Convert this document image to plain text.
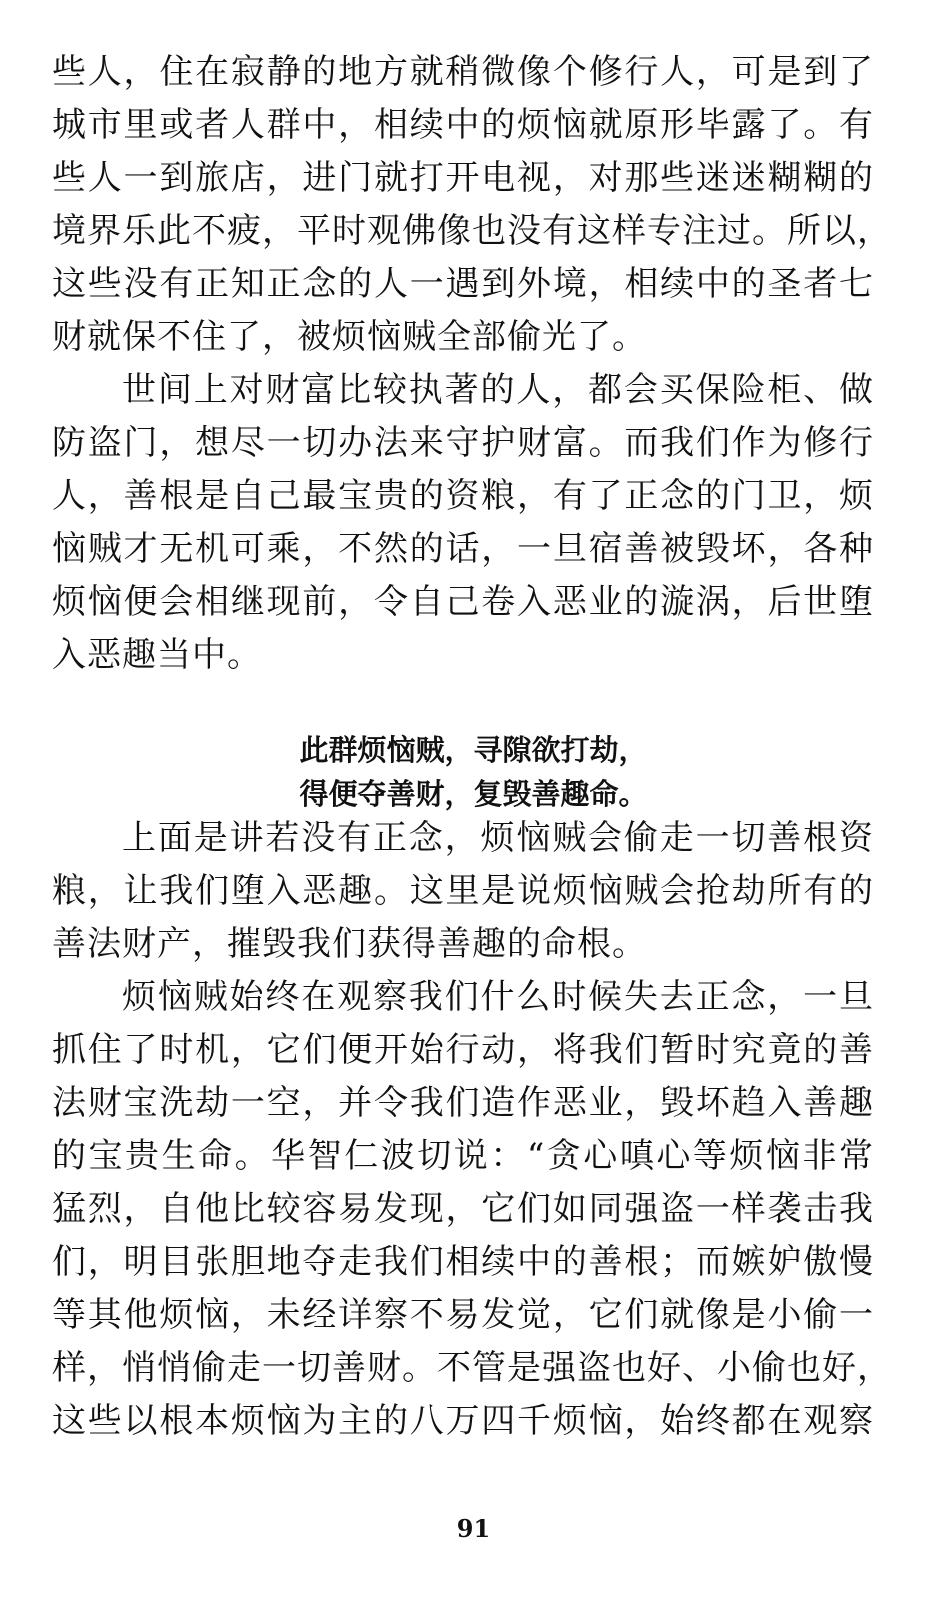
些人，住在寂静的地方就稍微像个修行人，可是到了
城市里或者人群中，相续中的烦恼就原形毕露了。有
些人一到旅店，进门就打开电视，对那些迷迷糊糊的
境界乐此不疲，平时观佛像也没有这样专注过。所以，
这些没有正知正念的人一遇到外境，相续中的圣者七
财就保不住了，被烦恼贼全部偷光了。
世间上对财富比较执著的人，都会买保险柜、做
防盗门，想尽一切办法来守护财富。而我们作为修行
人，善根是自己最宝贵的资粮，有了正念的门卫，烦
恼贼才无机可乘，不然的话，一旦宿善被毁坏，各种
烦恼便会相继现前，令自己卷入恶业的漩涡，后世堕
入恶趣当中。
此群烦恼贼，寻隙欲打劫，
得便夺善财，复毁善趣命。
上面是讲若没有正念，烦恼贼会偷走一切善根资
粮，让我们堕入恶趣。这里是说烦恼贼会抢劫所有的
善法财产，摧毁我们获得善趣的命根。
烦恼贼始终在观察我们什么时候失去正念，一旦
抓住了时机，它们便开始行动，将我们暂时究竟的善
法财宝洗劫一空，并令我们造作恶业，毁坏趋入善趣
的宝贵生命。华智仁波切说：“贪心嗔心等烦恼非常
猛烈，自他比较容易发现，它们如同强盗一样袭击我
们，明目张胆地夺走我们相续中的善根；而嫉妒傲慢
等其他烦恼，未经详察不易发觉，它们就像是小偷一
样，悄悄偷走一切善财。不管是强盗也好、小偷也好，
这些以根本烦恼为主的八万四千烦恼，始终都在观察
91
